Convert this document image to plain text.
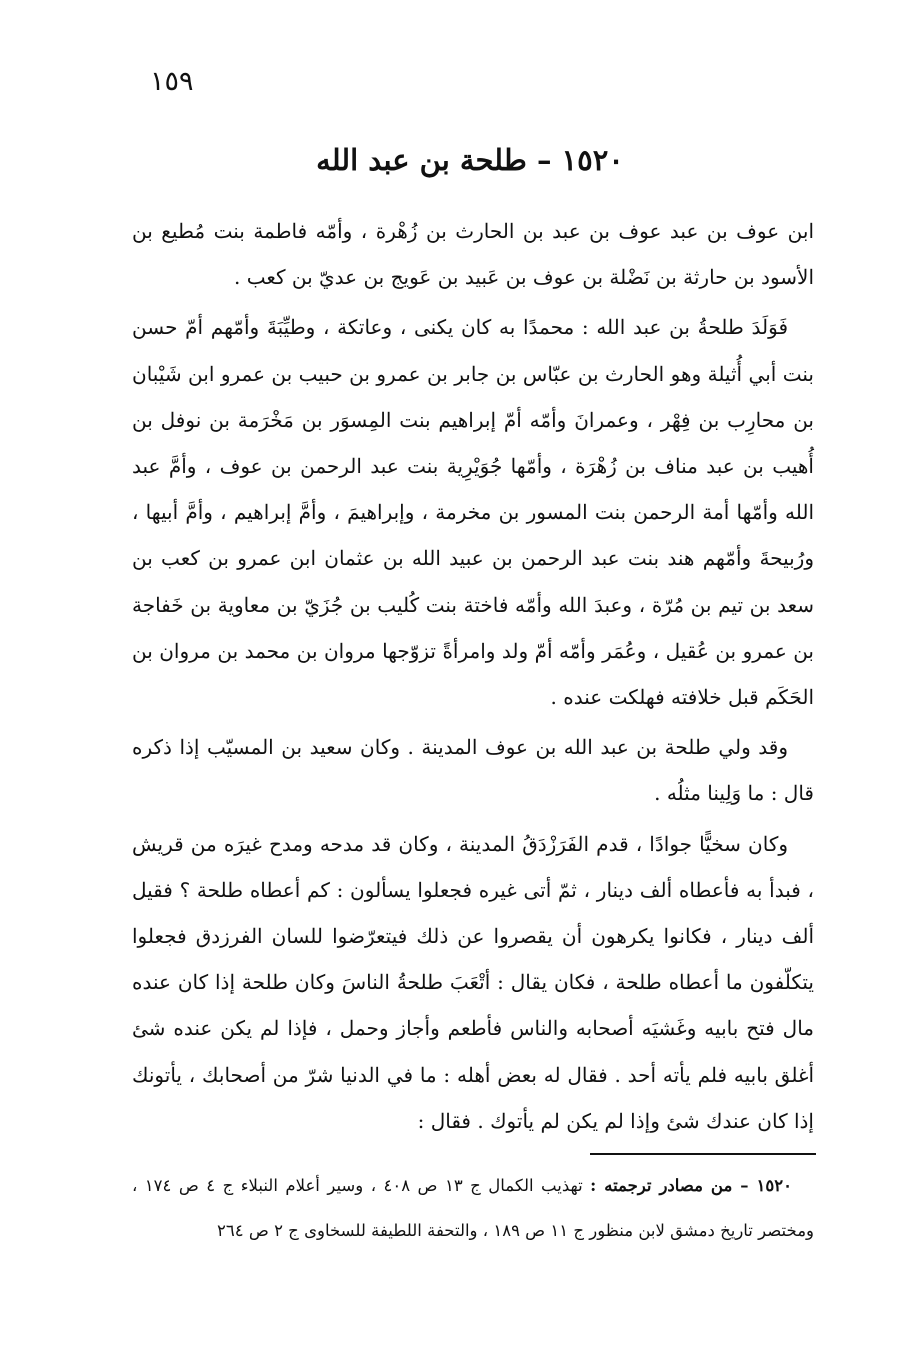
١٥٩
١٥٢٠ – طلحة بن عبد الله

ابن عوف بن عبد عوف بن عبد بن الحارث بن زُهْرة ، وأمّه فاطمة بنت مُطيع بن الأسود بن حارثة بن نَضْلة بن عوف بن عَبيد بن عَويج بن عديّ بن كعب .

فَوَلَدَ طلحةُ بن عبد الله : محمدًا به كان يكنى ، وعاتكة ، وطيِّبَةَ وأمّهم أمّ حسن بنت أبي أُثيلة وهو الحارث بن عبّاس بن جابر بن عمرو بن حبيب بن عمرو ابن شَيْبان بن محارِب بن فِهْر ، وعمرانَ وأمّه أمّ إبراهيم بنت المِسوَر بن مَخْرَمة بن نوفل بن أُهيب بن عبد مناف بن زُهْرَة ، وأمّها جُوَيْرِية بنت عبد الرحمن بن عوف ، وأمَّ عبد الله وأمّها أمة الرحمن بنت المسور بن مخرمة ، وإبراهيمَ ، وأمَّ إبراهيم ، وأمَّ أبيها ، ورُبيحةَ وأمّهم هند بنت عبد الرحمن بن عبيد الله بن عثمان ابن عمرو بن كعب بن سعد بن تيم بن مُرّة ، وعبدَ الله وأمّه فاختة بنت كُليب بن جُزَيّ بن معاوية بن خَفاجة بن عمرو بن عُقيل ، وعُمَر وأمّه أمّ ولد وامرأةً تزوّجها مروان بن محمد بن مروان بن الحَكَم قبل خلافته فهلكت عنده .

وقد ولي طلحة بن عبد الله بن عوف المدينة . وكان سعيد بن المسيّب إذا ذكره قال : ما وَلِينا مثلُه .

وكان سخيًّا جوادًا ، قدم الفَرَزْدَقُ المدينة ، وكان قد مدحه ومدح غيرَه من قريش ، فبدأ به فأعطاه ألف دينار ، ثمّ أتى غيره فجعلوا يسألون : كم أعطاه طلحة ؟ فقيل ألف دينار ، فكانوا يكرهون أن يقصروا عن ذلك فيتعرّضوا للسان الفرزدق فجعلوا يتكلّفون ما أعطاه طلحة ، فكان يقال : أتْعَبَ طلحةُ الناسَ وكان طلحة إذا كان عنده مال فتح بابيه وغَشيَه أصحابه والناس فأطعم وأجاز وحمل ، فإذا لم يكن عنده شئ أغلق بابيه فلم يأته أحد . فقال له بعض أهله : ما في الدنيا شرّ من أصحابك ، يأتونك إذا كان عندك شئ وإذا لم يكن لم يأتوك . فقال :

١٥٢٠ – من مصادر ترجمته : تهذيب الكمال ج ١٣ ص ٤٠٨ ، وسير أعلام النبلاء ج ٤ ص ١٧٤ ، ومختصر تاريخ دمشق لابن منظور ج ١١ ص ١٨٩ ، والتحفة اللطيفة للسخاوى ج ٢ ص ٢٦٤
